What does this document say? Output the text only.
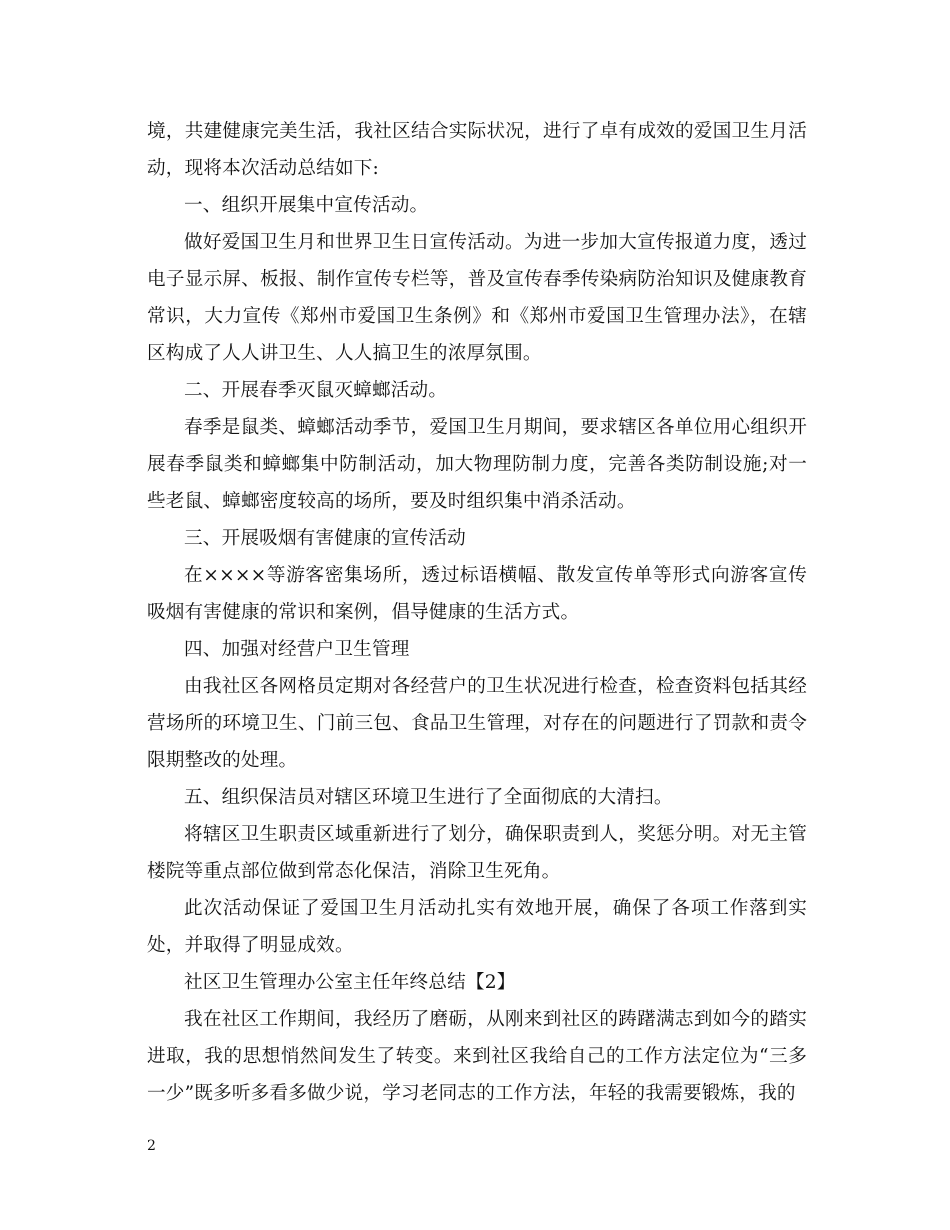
境，共建健康完美生活，我社区结合实际状况，进行了卓有成效的爱国卫生月活动，现将本次活动总结如下:

一、组织开展集中宣传活动。

做好爱国卫生月和世界卫生日宣传活动。为进一步加大宣传报道力度，透过电子显示屏、板报、制作宣传专栏等，普及宣传春季传染病防治知识及健康教育常识，大力宣传《郑州市爱国卫生条例》和《郑州市爱国卫生管理办法》，在辖区构成了人人讲卫生、人人搞卫生的浓厚氛围。

二、开展春季灭鼠灭蟑螂活动。

春季是鼠类、蟑螂活动季节，爱国卫生月期间，要求辖区各单位用心组织开展春季鼠类和蟑螂集中防制活动，加大物理防制力度，完善各类防制设施;对一些老鼠、蟑螂密度较高的场所，要及时组织集中消杀活动。

三、开展吸烟有害健康的宣传活动

在××××等游客密集场所，透过标语横幅、散发宣传单等形式向游客宣传吸烟有害健康的常识和案例，倡导健康的生活方式。

四、加强对经营户卫生管理

由我社区各网格员定期对各经营户的卫生状况进行检查，检查资料包括其经营场所的环境卫生、门前三包、食品卫生管理，对存在的问题进行了罚款和责令限期整改的处理。

五、组织保洁员对辖区环境卫生进行了全面彻底的大清扫。

将辖区卫生职责区域重新进行了划分，确保职责到人，奖惩分明。对无主管楼院等重点部位做到常态化保洁，消除卫生死角。

此次活动保证了爱国卫生月活动扎实有效地开展，确保了各项工作落到实处，并取得了明显成效。

社区卫生管理办公室主任年终总结【2】

我在社区工作期间，我经历了磨砺，从刚来到社区的踌躇满志到如今的踏实进取，我的思想悄然间发生了转变。来到社区我给自己的工作方法定位为“三多一少”既多听多看多做少说，学习老同志的工作方法，年轻的我需要锻炼，我的

2
